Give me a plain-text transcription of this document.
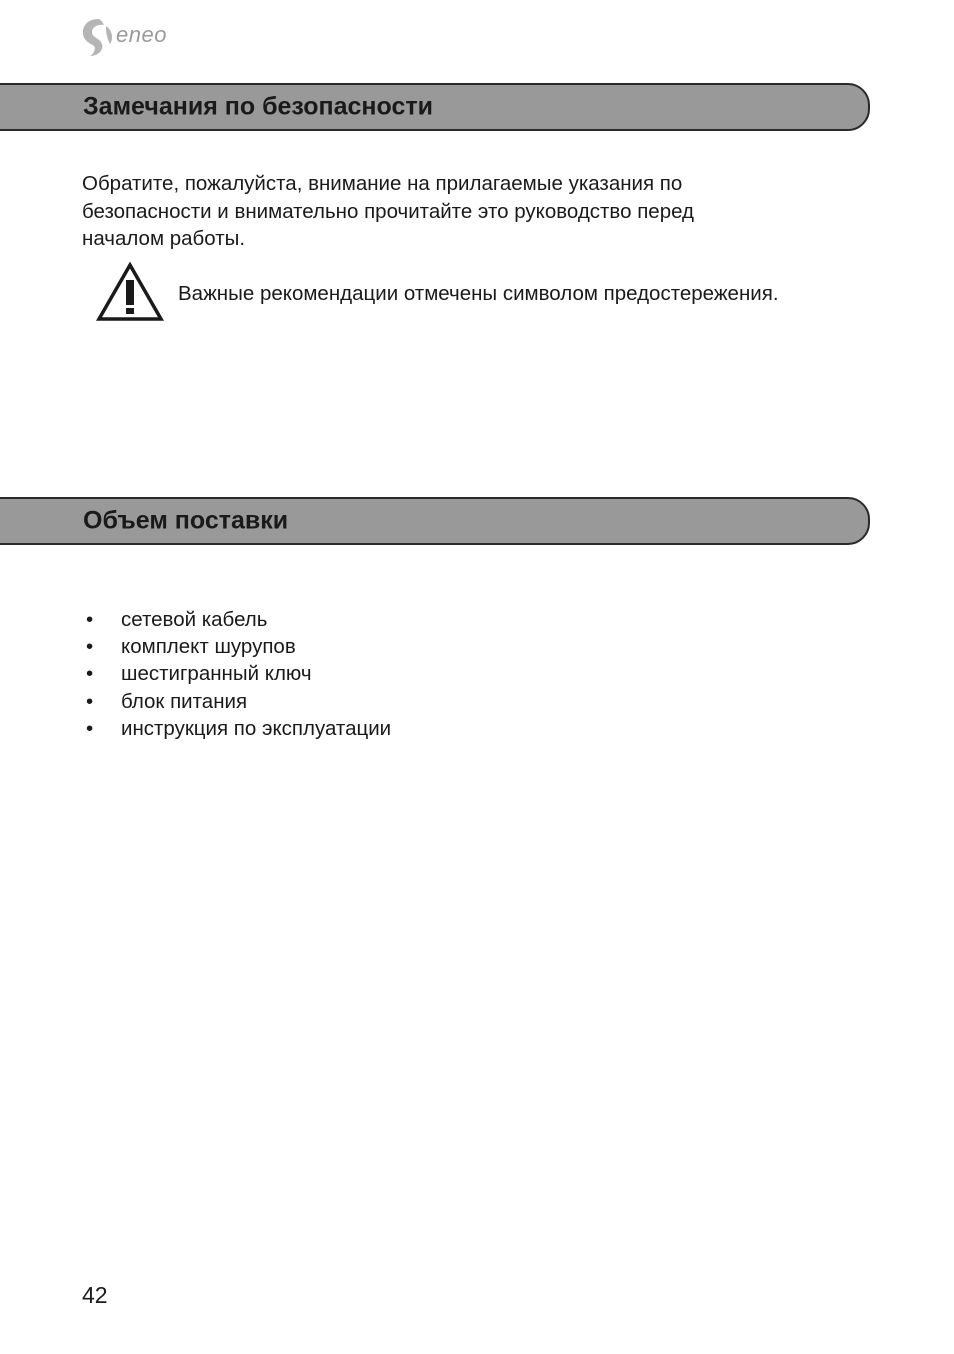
eneo
Замечания по безопасности
Обратите, пожалуйста, внимание на прилагаемые указания по
безопасности и внимательно прочитайте это руководство перед
началом работы.
Важные рекомендации отмечены символом предостережения.
Объем поставки
• сетевой кабель
• комплект шурупов
• шестигранный ключ
• блок питания
• инструкция по эксплуатации
42
